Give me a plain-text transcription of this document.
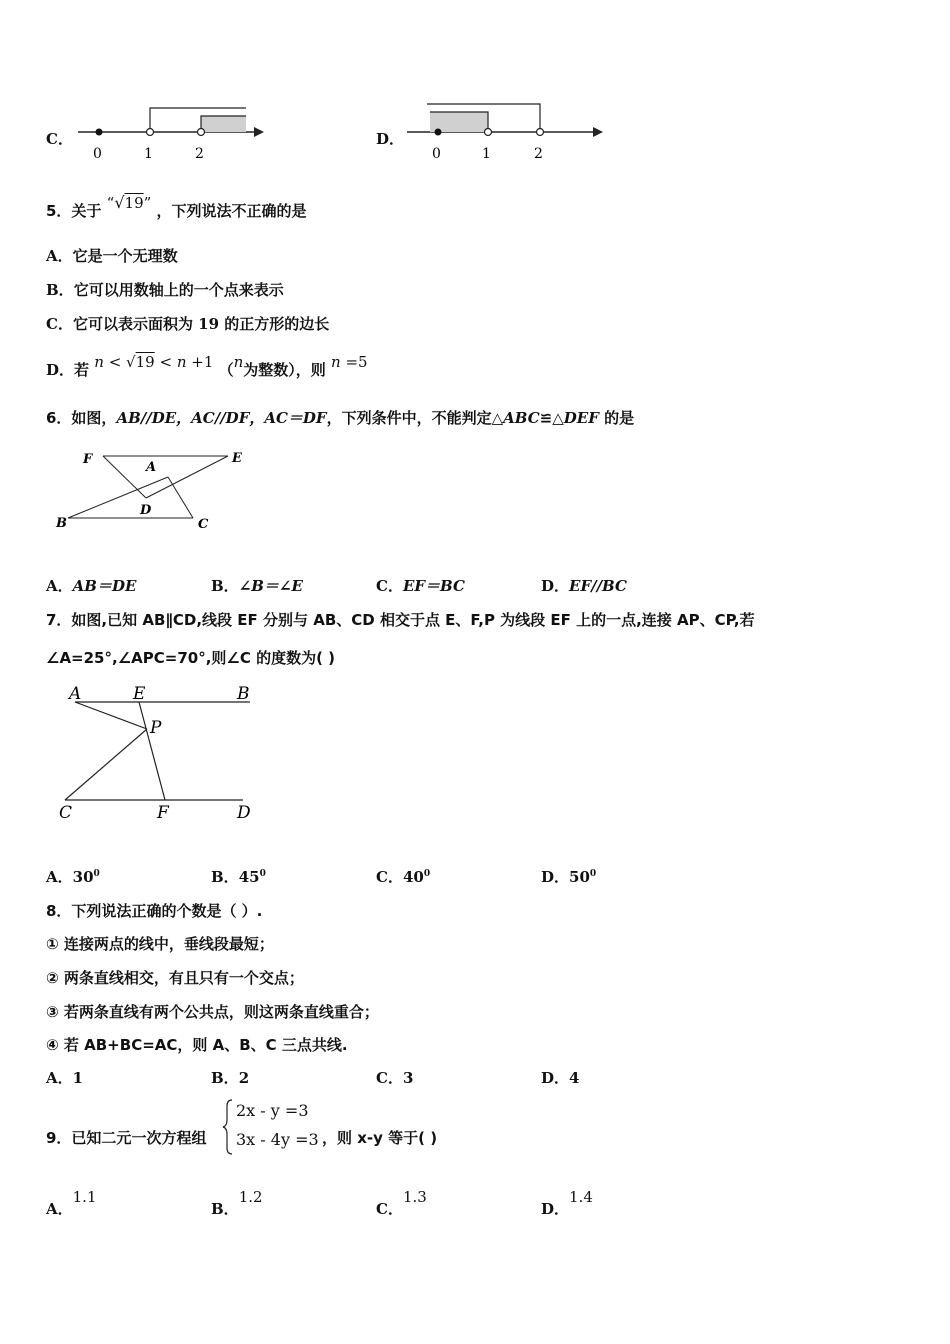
C．
0	1	2
D．
0	1	2
5．关于 “√19” ，下列说法不正确的是
A．它是一个无理数
B．它可以用数轴上的一个点来表示
C．它可以表示面积为 19 的正方形的边长
D．若 n < √19 < n +1 （n为整数），则 n =5
6．如图，AB//DE，AC//DF，AC＝DF，下列条件中，不能判定△ABC≌△DEF 的是
F
A
E
B
D
C
A．AB＝DE	B．∠B＝∠E	C．EF＝BC	D．EF//BC
7．如图,已知 AB∥CD,线段 EF 分别与 AB、CD 相交于点 E、F,P 为线段 EF 上的一点,连接 AP、CP,若
∠A=25°,∠APC=70°,则∠C 的度数为( )
A	E	B
P
C	F	D
A．$30^0$	B．$45^0$	C．$40^0$	D．$50^0$
8．下列说法正确的个数是（ ）.
① 连接两点的线中，垂线段最短；
② 两条直线相交，有且只有一个交点；
③ 若两条直线有两个公共点，则这两条直线重合；
④ 若 AB+BC=AC，则 A、B、C 三点共线.
A．1	B．2	C．3	D．4
9．已知二元一次方程组
2x - y =3
3x - 4y =3 ，则 x-y 等于( )
A．1.1
B．1.2
C．1.3
D．1.4
